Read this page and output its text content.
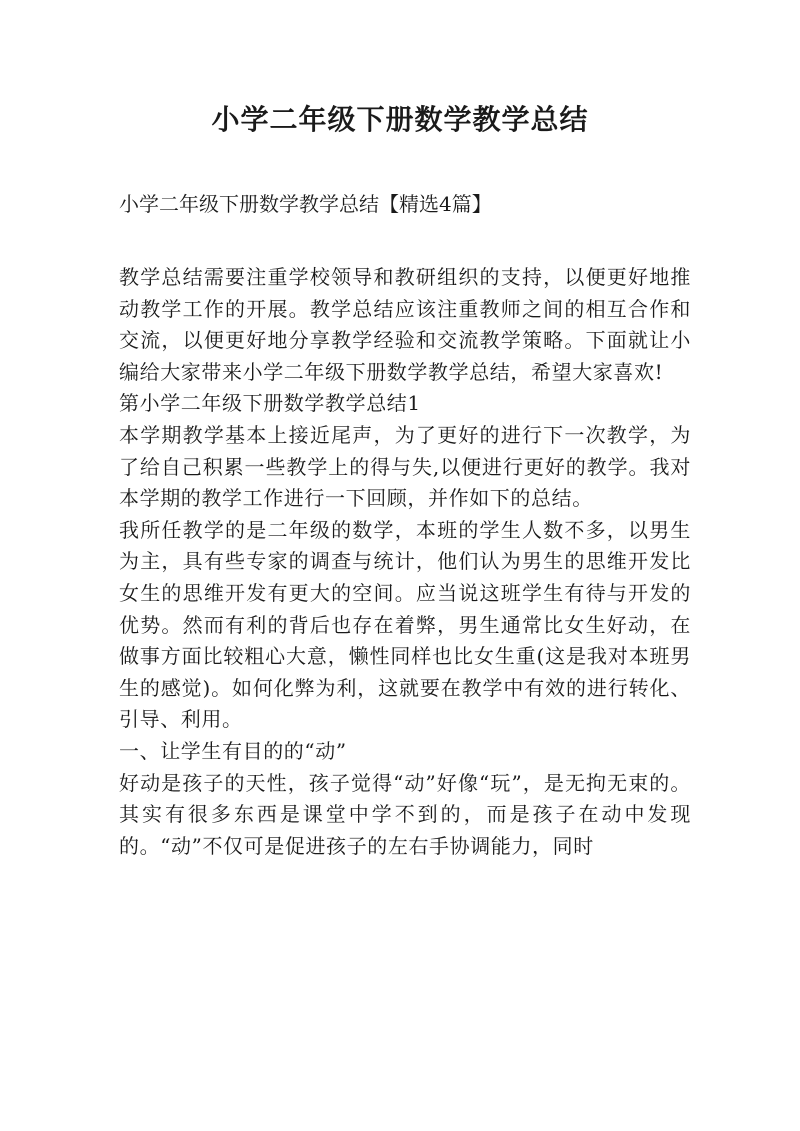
小学二年级下册数学教学总结

小学二年级下册数学教学总结【精选4篇】

教学总结需要注重学校领导和教研组织的支持，以便更好地推动教学工作的开展。教学总结应该注重教师之间的相互合作和交流，以便更好地分享教学经验和交流教学策略。下面就让小编给大家带来小学二年级下册数学教学总结，希望大家喜欢!

第小学二年级下册数学教学总结1

本学期教学基本上接近尾声，为了更好的进行下一次教学，为了给自己积累一些教学上的得与失,以便进行更好的教学。我对本学期的教学工作进行一下回顾，并作如下的总结。

我所任教学的是二年级的数学，本班的学生人数不多，以男生为主，具有些专家的调查与统计，他们认为男生的思维开发比女生的思维开发有更大的空间。应当说这班学生有待与开发的优势。然而有利的背后也存在着弊，男生通常比女生好动，在做事方面比较粗心大意，懒性同样也比女生重(这是我对本班男生的感觉)。如何化弊为利，这就要在教学中有效的进行转化、引导、利用。

一、让学生有目的的“动”

好动是孩子的天性，孩子觉得“动”好像“玩”，是无拘无束的。其实有很多东西是课堂中学不到的，而是孩子在动中发现的。“动”不仅可是促进孩子的左右手协调能力，同时
